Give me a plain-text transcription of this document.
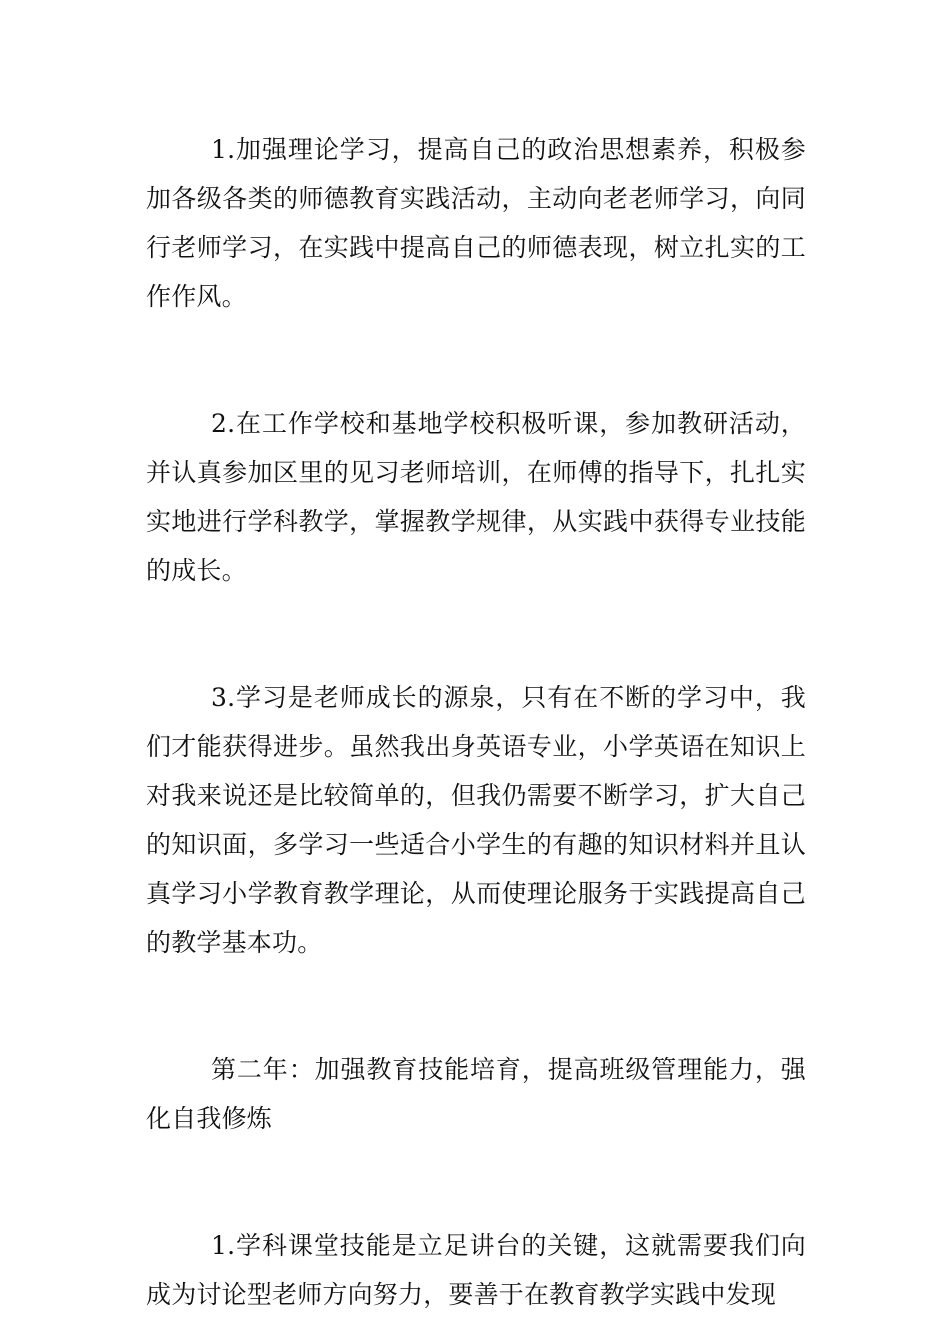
1.加强理论学习，提高自己的政治思想素养，积极参加各级各类的师德教育实践活动，主动向老老师学习，向同行老师学习，在实践中提高自己的师德表现，树立扎实的工作作风。

2.在工作学校和基地学校积极听课，参加教研活动，并认真参加区里的见习老师培训，在师傅的指导下，扎扎实实地进行学科教学，掌握教学规律，从实践中获得专业技能的成长。

3.学习是老师成长的源泉，只有在不断的学习中，我们才能获得进步。虽然我出身英语专业，小学英语在知识上对我来说还是比较简单的，但我仍需要不断学习，扩大自己的知识面，多学习一些适合小学生的有趣的知识材料并且认真学习小学教育教学理论，从而使理论服务于实践提高自己的教学基本功。

第二年：加强教育技能培育，提高班级管理能力，强化自我修炼

1.学科课堂技能是立足讲台的关键，这就需要我们向成为讨论型老师方向努力，要善于在教育教学实践中发现
